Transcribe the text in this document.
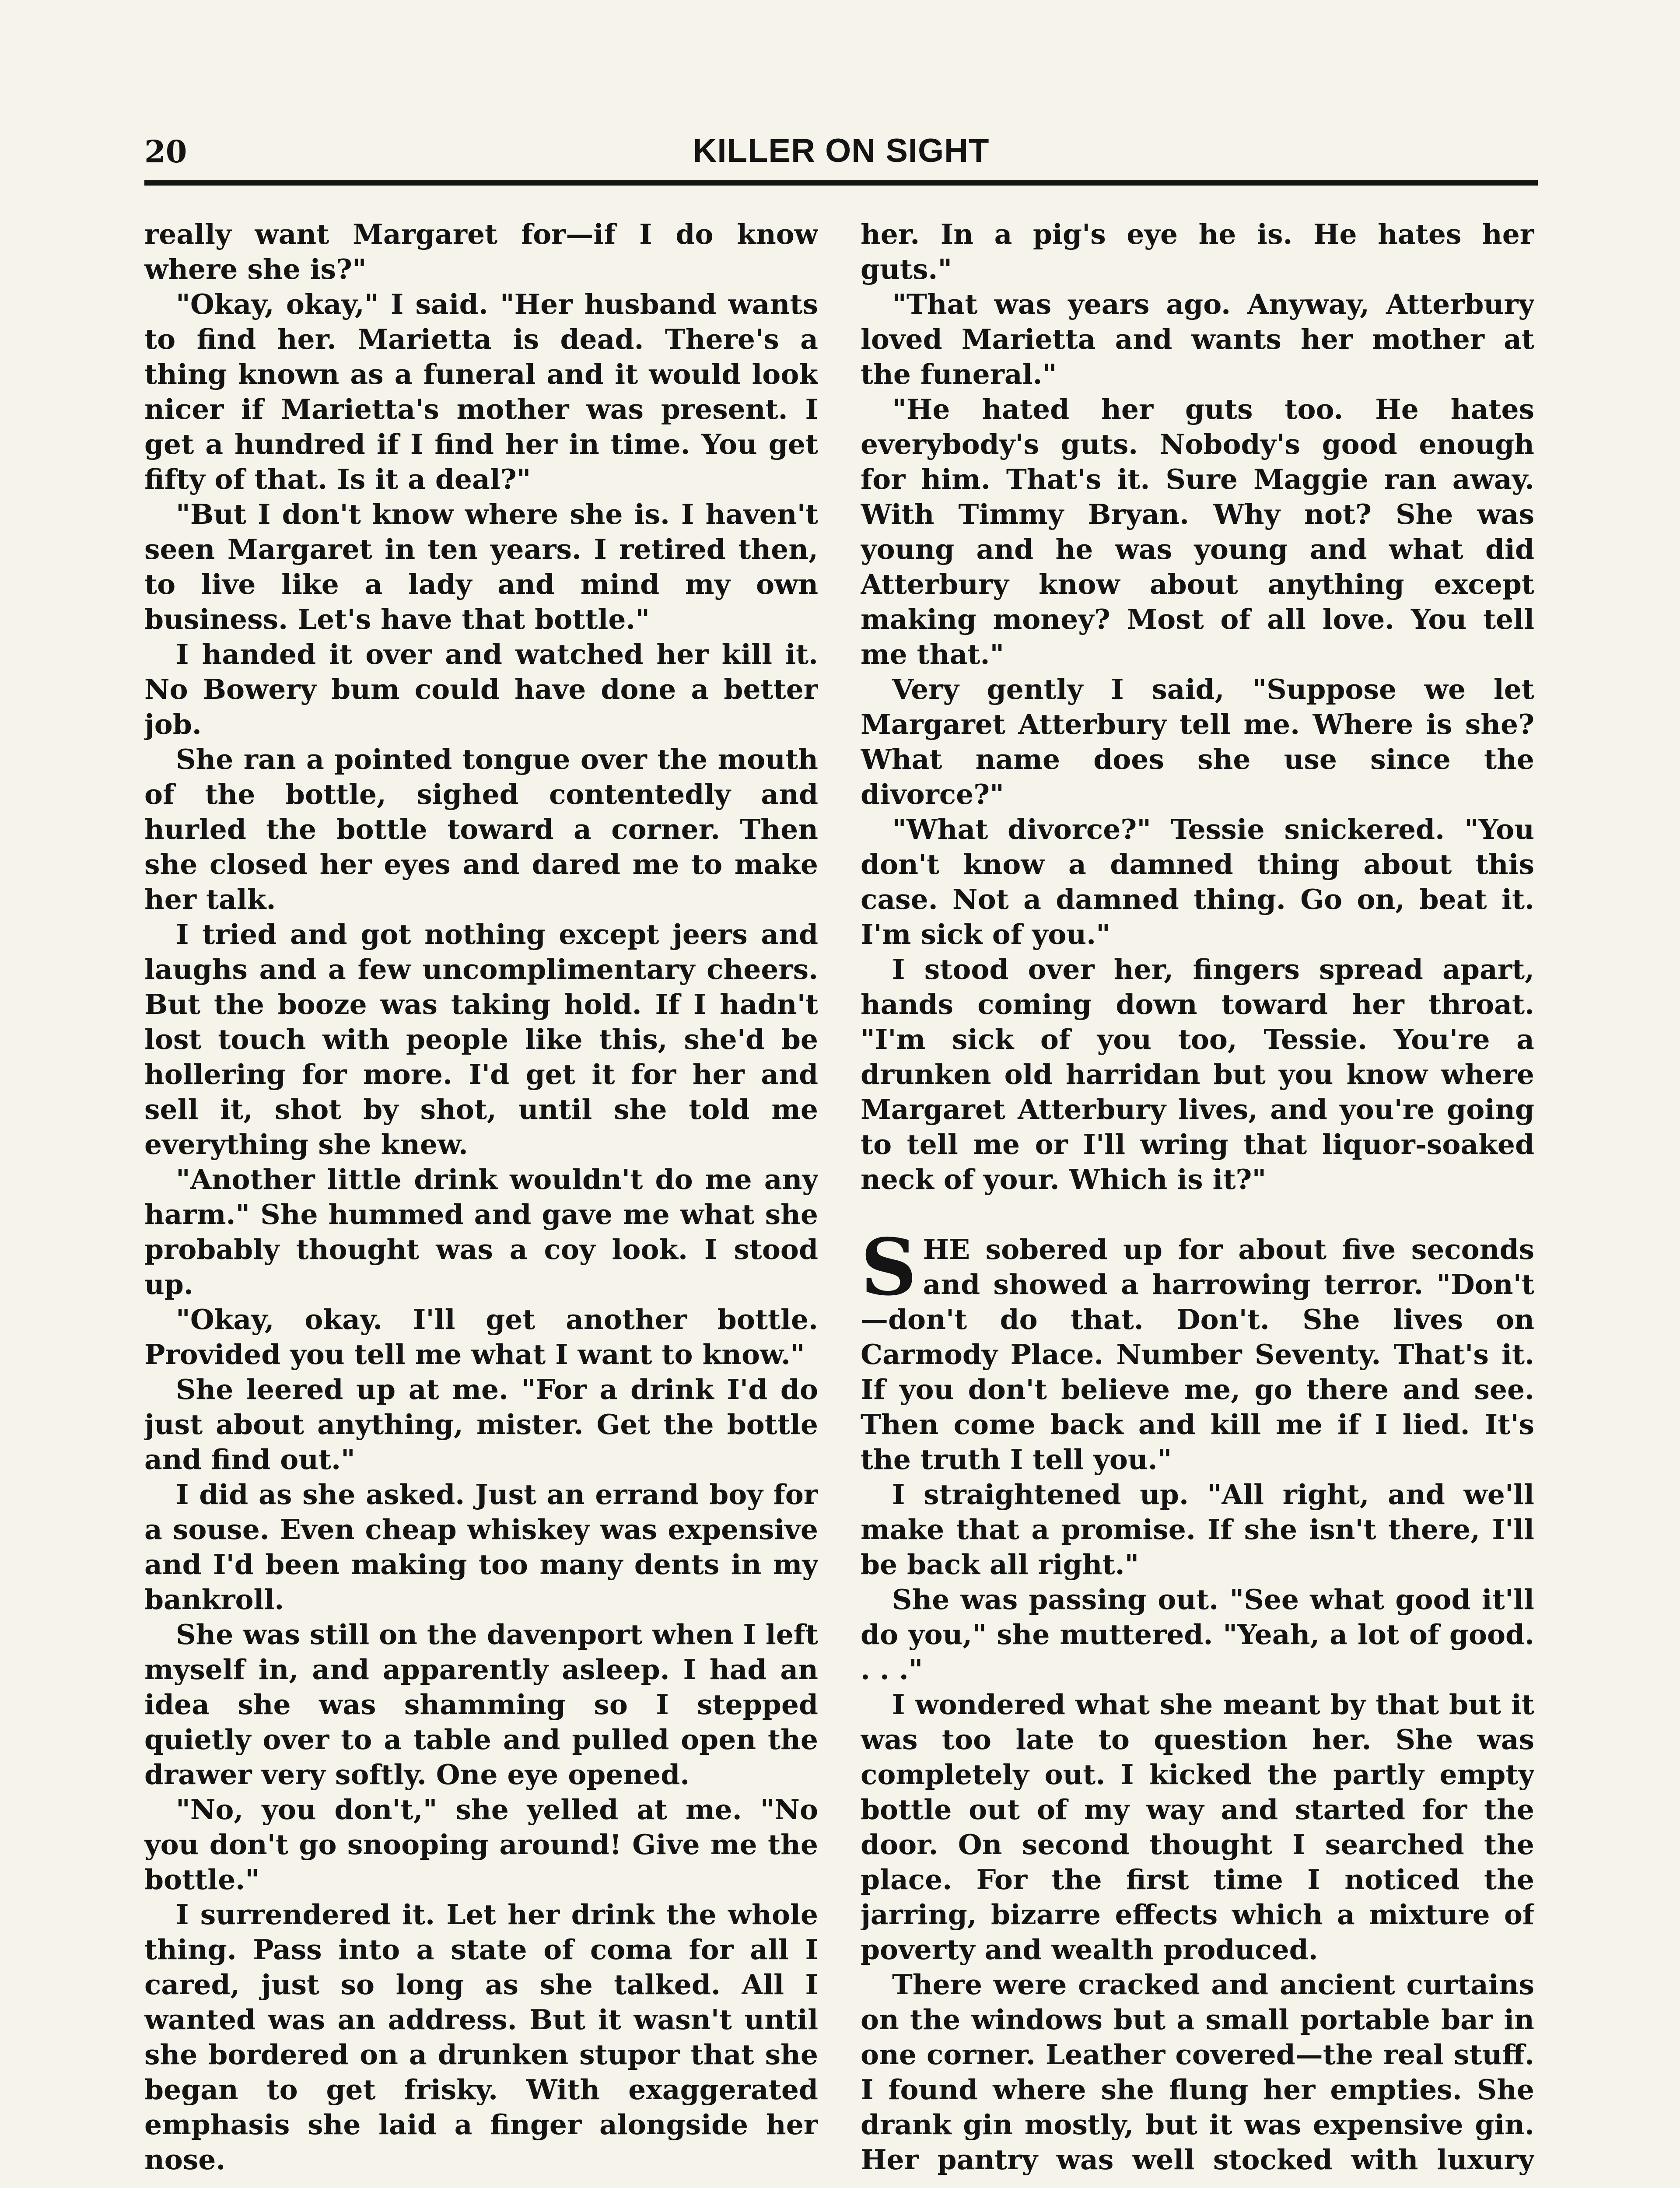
20	KILLER ON SIGHT

really want Margaret for—if I do know where she is?"

"Okay, okay," I said. "Her husband wants to find her. Marietta is dead. There's a thing known as a funeral and it would look nicer if Marietta's mother was present. I get a hundred if I find her in time. You get fifty of that. Is it a deal?"

"But I don't know where she is. I haven't seen Margaret in ten years. I retired then, to live like a lady and mind my own business. Let's have that bottle."

I handed it over and watched her kill it. No Bowery bum could have done a better job.

She ran a pointed tongue over the mouth of the bottle, sighed contentedly and hurled the bottle toward a corner. Then she closed her eyes and dared me to make her talk.

I tried and got nothing except jeers and laughs and a few uncomplimentary cheers. But the booze was taking hold. If I hadn't lost touch with people like this, she'd be hollering for more. I'd get it for her and sell it, shot by shot, until she told me everything she knew.

"Another little drink wouldn't do me any harm." She hummed and gave me what she probably thought was a coy look. I stood up.

"Okay, okay. I'll get another bottle. Provided you tell me what I want to know."

She leered up at me. "For a drink I'd do just about anything, mister. Get the bottle and find out."

I did as she asked. Just an errand boy for a souse. Even cheap whiskey was expensive and I'd been making too many dents in my bankroll.

She was still on the davenport when I left myself in, and apparently asleep. I had an idea she was shamming so I stepped quietly over to a table and pulled open the drawer very softly. One eye opened.

"No, you don't," she yelled at me. "No you don't go snooping around! Give me the bottle."

I surrendered it. Let her drink the whole thing. Pass into a state of coma for all I cared, just so long as she talked. All I wanted was an address. But it wasn't until she bordered on a drunken stupor that she began to get frisky. With exaggerated emphasis she laid a finger alongside her nose.

her. In a pig's eye he is. He hates her guts."

"That was years ago. Anyway, Atterbury loved Marietta and wants her mother at the funeral."

"He hated her guts too. He hates everybody's guts. Nobody's good enough for him. That's it. Sure Maggie ran away. With Timmy Bryan. Why not? She was young and he was young and what did Atterbury know about anything except making money? Most of all love. You tell me that."

Very gently I said, "Suppose we let Margaret Atterbury tell me. Where is she? What name does she use since the divorce?"

"What divorce?" Tessie snickered. "You don't know a damned thing about this case. Not a damned thing. Go on, beat it. I'm sick of you."

I stood over her, fingers spread apart, hands coming down toward her throat. "I'm sick of you too, Tessie. You're a drunken old harridan but you know where Margaret Atterbury lives, and you're going to tell me or I'll wring that liquor-soaked neck of your. Which is it?"

SHE sobered up for about five seconds and showed a harrowing terror. "Don't—don't do that. Don't. She lives on Carmody Place. Number Seventy. That's it. If you don't believe me, go there and see. Then come back and kill me if I lied. It's the truth I tell you."

I straightened up. "All right, and we'll make that a promise. If she isn't there, I'll be back all right."

She was passing out. "See what good it'll do you," she muttered. "Yeah, a lot of good. . . ."

I wondered what she meant by that but it was too late to question her. She was completely out. I kicked the partly empty bottle out of my way and started for the door. On second thought I searched the place. For the first time I noticed the jarring, bizarre effects which a mixture of poverty and wealth produced.

There were cracked and ancient curtains on the windows but a small portable bar in one corner. Leather covered—the real stuff. I found where she flung her empties. She drank gin mostly, but it was expensive gin. Her pantry was well stocked with luxury
